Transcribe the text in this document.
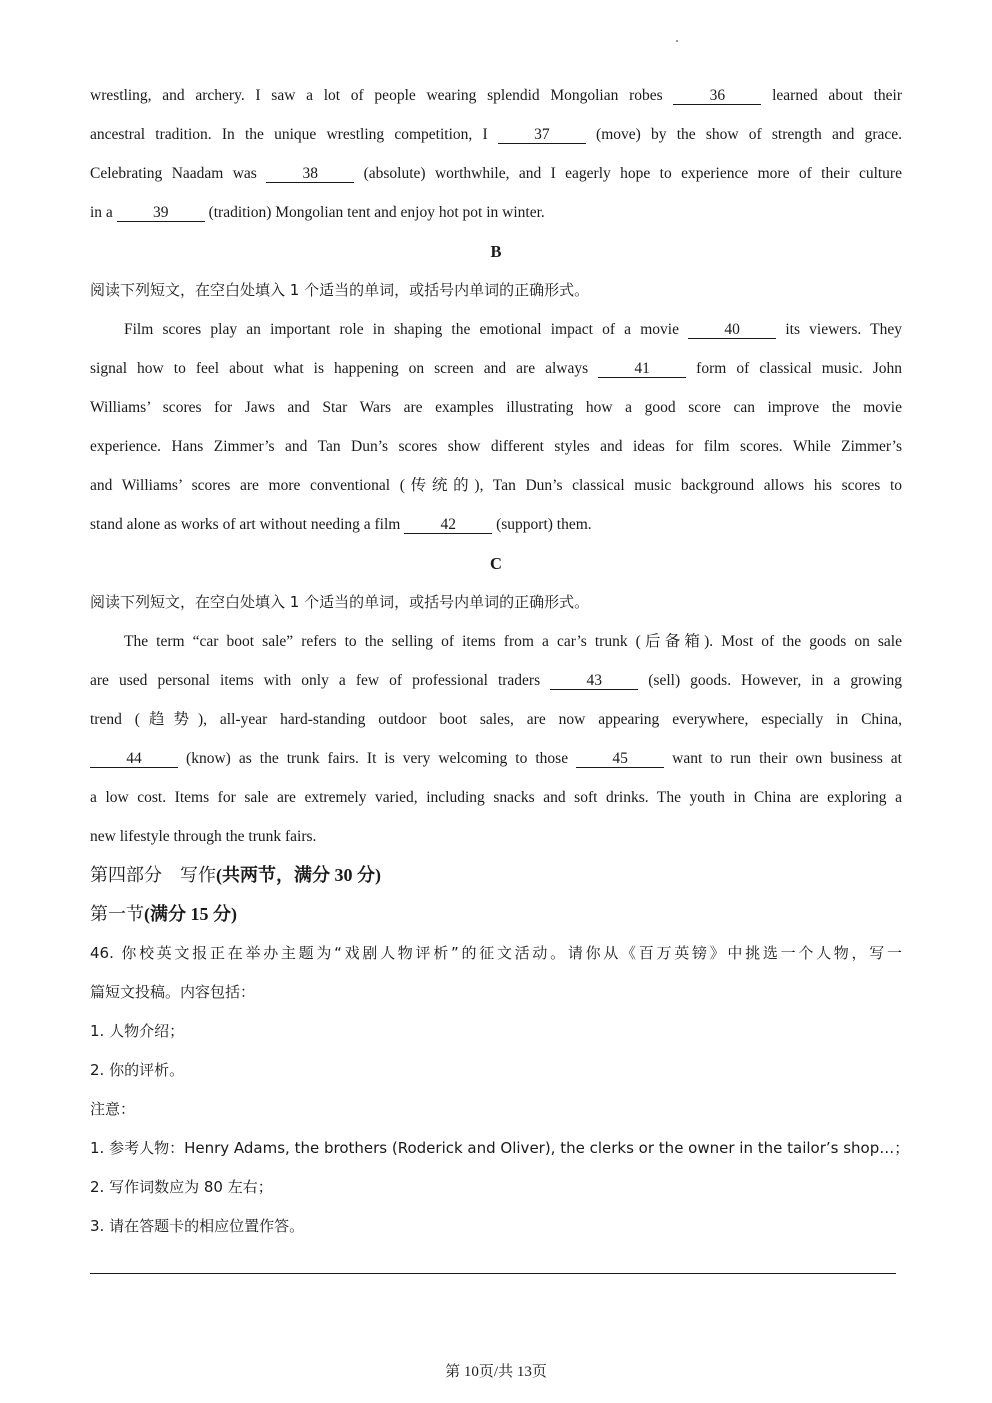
wrestling, and archery. I saw a lot of people wearing splendid Mongolian robes 36 learned about their
ancestral tradition. In the unique wrestling competition, I 37 (move) by the show of strength and grace.
Celebrating Naadam was 38 (absolute) worthwhile, and I eagerly hope to experience more of their culture
in a 39 (tradition) Mongolian tent and enjoy hot pot in winter.
B
阅读下列短文，在空白处填入 1 个适当的单词，或括号内单词的正确形式。
Film scores play an important role in shaping the emotional impact of a movie 40 its viewers. They
signal how to feel about what is happening on screen and are always 41 form of classical music. John
Williams’ scores for Jaws and Star Wars are examples illustrating how a good score can improve the movie
experience. Hans Zimmer’s and Tan Dun’s scores show different styles and ideas for film scores. While Zimmer’s
and Williams’ scores are more conventional (传统的), Tan Dun’s classical music background allows his scores to
stand alone as works of art without needing a film 42 (support) them.
C
阅读下列短文，在空白处填入 1 个适当的单词，或括号内单词的正确形式。
The term “car boot sale” refers to the selling of items from a car’s trunk (后备箱). Most of the goods on sale
are used personal items with only a few of professional traders 43 (sell) goods. However, in a growing
trend (趋势), all-year hard-standing outdoor boot sales, are now appearing everywhere, especially in China,
44 (know) as the trunk fairs. It is very welcoming to those 45 want to run their own business at
a low cost. Items for sale are extremely varied, including snacks and soft drinks. The youth in China are exploring a
new lifestyle through the trunk fairs.
第四部分　写作(共两节，满分 30 分)
第一节(满分 15 分)
46. 你校英文报正在举办主题为“戏剧人物评析”的征文活动。请你从《百万英镑》中挑选一个人物，写一
篇短文投稿。内容包括：
1. 人物介绍；
2. 你的评析。
注意：
1. 参考人物：Henry Adams, the brothers (Roderick and Oliver), the clerks or the owner in the tailor’s shop…；
2. 写作词数应为 80 左右；
3. 请在答题卡的相应位置作答。
第 10页/共 13页
